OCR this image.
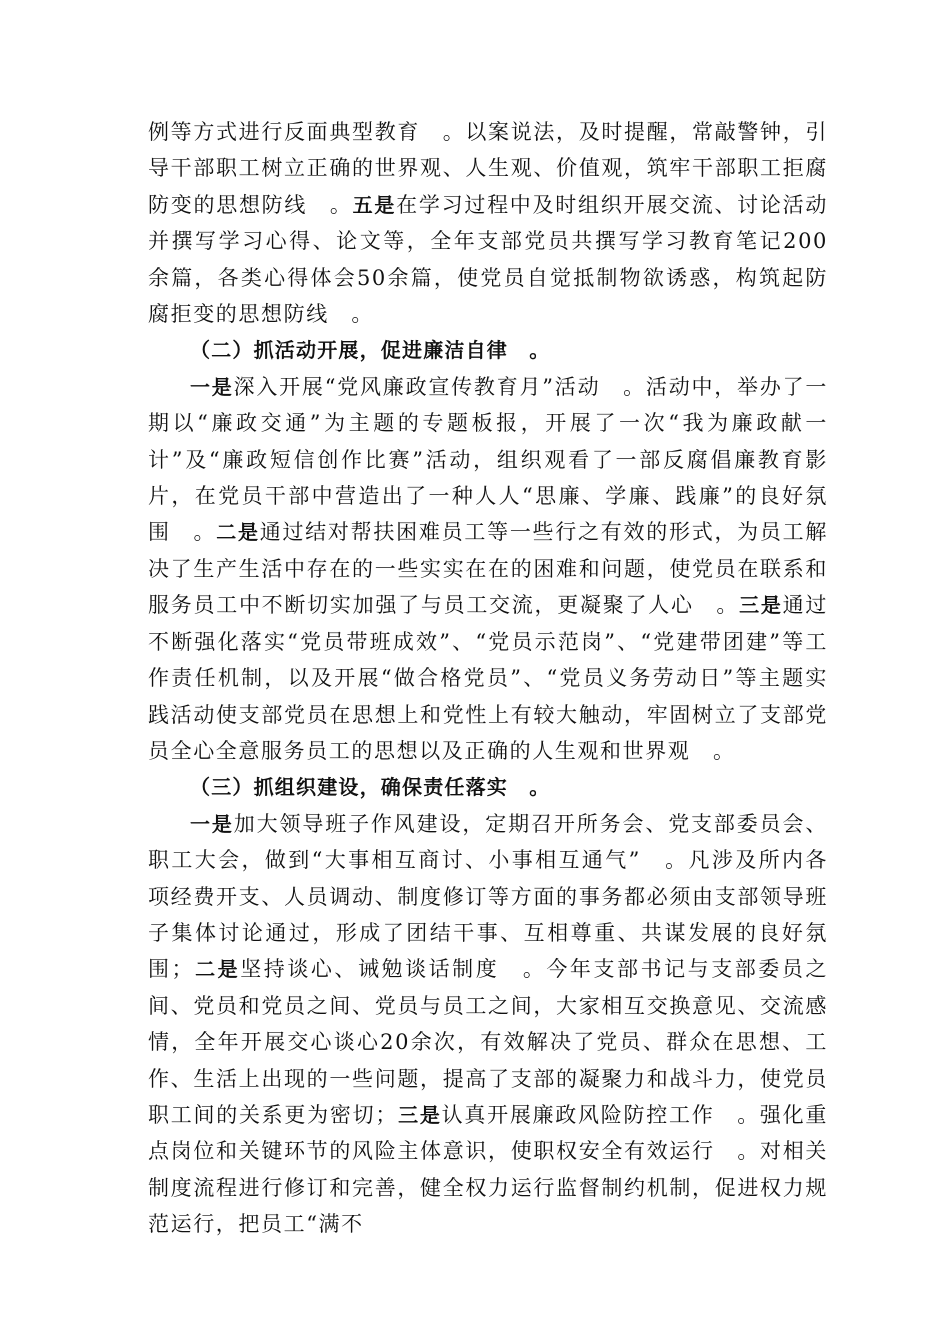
例等方式进行反面典型教育　。以案说法，及时提醒，常敲警钟，引导干部职工树立正确的世界观、人生观、价值观，筑牢干部职工拒腐防变的思想防线　。五是在学习过程中及时组织开展交流、讨论活动并撰写学习心得、论文等，全年支部党员共撰写学习教育笔记200 余篇，各类心得体会50余篇，使党员自觉抵制物欲诱惑，构筑起防腐拒变的思想防线　。

（二）抓活动开展，促进廉洁自律　。

一是深入开展“党风廉政宣传教育月”活动　。活动中，举办了一期以“廉政交通”为主题的专题板报，开展了一次“我为廉政献一计”及“廉政短信创作比赛”活动，组织观看了一部反腐倡廉教育影片，在党员干部中营造出了一种人人“思廉、学廉、践廉”的良好氛围　。二是通过结对帮扶困难员工等一些行之有效的形式，为员工解决了生产生活中存在的一些实实在在的困难和问题，使党员在联系和服务员工中不断切实加强了与员工交流，更凝聚了人心　。三是通过不断强化落实“党员带班成效”、“党员示范岗”、“党建带团建”等工作责任机制，以及开展“做合格党员”、“党员义务劳动日”等主题实践活动使支部党员在思想上和党性上有较大触动，牢固树立了支部党员全心全意服务员工的思想以及正确的人生观和世界观　。

（三）抓组织建设，确保责任落实　。

一是加大领导班子作风建设，定期召开所务会、党支部委员会、职工大会，做到“大事相互商讨、小事相互通气”　。凡涉及所内各项经费开支、人员调动、制度修订等方面的事务都必须由支部领导班子集体讨论通过，形成了团结干事、互相尊重、共谋发展的良好氛围；二是坚持谈心、诫勉谈话制度　。今年支部书记与支部委员之间、党员和党员之间、党员与员工之间，大家相互交换意见、交流感情，全年开展交心谈心20余次，有效解决了党员、群众在思想、工作、生活上出现的一些问题，提高了支部的凝聚力和战斗力，使党员职工间的关系更为密切；三是认真开展廉政风险防控工作　。强化重点岗位和关键环节的风险主体意识，使职权安全有效运行　。对相关制度流程进行修订和完善，健全权力运行监督制约机制，促进权力规范运行，把员工“满不
